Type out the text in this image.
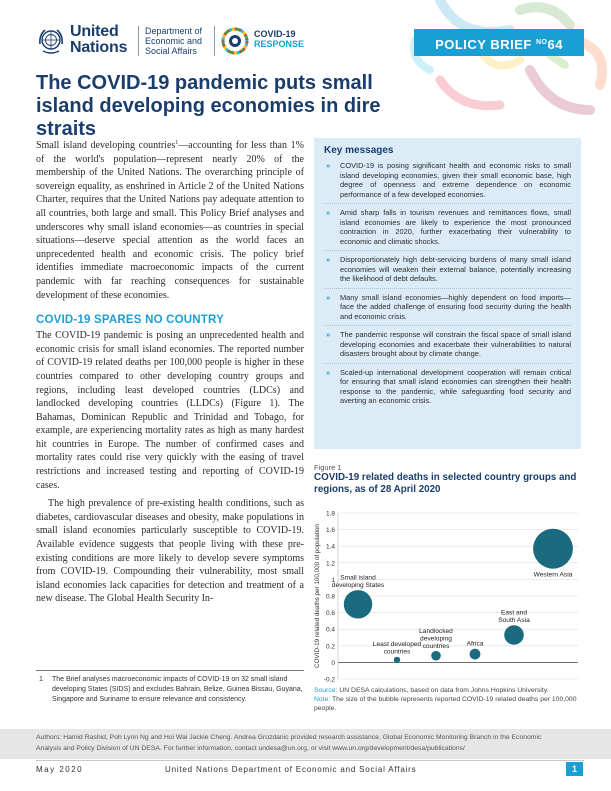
United
Nations
Department of
Economic and
Social Affairs
COVID-19
RESPONSE	POLICY BRIEF $^{NO}$64
The COVID-19 pandemic puts small island developing economies in dire straits

Small island developing countries$^1$—accounting for less than 1% of the world's population—represent nearly 20% of the membership of the United Nations. The overarching principle of sovereign equality, as enshrined in Article 2 of the United Nations Charter, requires that the United Nations pay adequate attention to all countries, both large and small. This Policy Brief analyses and underscores why small island economies—as countries in special situations—deserve special attention as the world faces an unprecedented health and economic crisis. The policy brief identifies immediate macroeconomic impacts of the current pandemic with far reaching consequences for sustainable development of these economies.

COVID-19 SPARES NO COUNTRY

The COVID-19 pandemic is posing an unprecedented health and economic crisis for small island economies. The reported number of COVID-19 related deaths per 100,000 people is higher in these countries compared to other developing country groups and regions, including least developed countries (LDCs) and landlocked developing countries (LLDCs) (Figure 1). The Bahamas, Dominican Republic and Trinidad and Tobago, for example, are experiencing mortality rates as high as many hardest hit countries in Europe. The number of confirmed cases and mortality rates could rise very quickly with the easing of travel restrictions and increased testing and reporting of COVID-19 cases.

The high prevalence of pre-existing health conditions, such as diabetes, cardiovascular diseases and obesity, make populations in small island economies particularly susceptible to COVID-19. Available evidence suggests that people living with these pre-existing conditions are more likely to develop severe symptoms from COVID-19. Compounding their vulnerability, most small island economies lack capacities for detection and treatment of a new disease. The Global Health Security In-

1	The Brief analyses macroeconomic impacts of COVID-19 on 32 small island developing States (SIDS) and excludes Bahrain, Belize, Guinea Bissau, Guyana, Singapore and Suriname to ensure relevance and consistency.
Key messages
» COVID-19 is posing significant health and economic risks to small island developing economies, given their small economic base, high degree of openness and extreme dependence on economic performance of a few developed economies.
» Amid sharp falls in tourism revenues and remittances flows, small island economies are likely to experience the most pronounced contraction in 2020, further exacerbating their vulnerability to economic and climatic shocks.
» Disproportionately high debt-servicing burdens of many small island economies will weaken their external balance, potentially increasing the likelihood of debt defaults.
» Many small island economies—highly dependent on food imports—face the added challenge of ensuring food security during the health and economic crisis.
» The pandemic response will constrain the fiscal space of small island developing economies and exacerbate their vulnerabilities to natural disasters brought about by climate change.
» Scaled-up international development cooperation will remain critical for ensuring that small island economies can strengthen their health response to the pandemic, while safeguarding food security and averting an economic crisis.
Figure 1
COVID-19 related deaths in selected country groups and regions, as of 28 April 2020
-0.2
0
0.2
0.4
0.6
0.8
1
1.2
1.4
1.6
1.8
COVID-19 related deaths per 100,000 of population	Small island
developing States
Least developed
countries
Landlocked
developing
countries	Africa
East and
South Asia
Western Asia
Source: UN DESA calculations, based on data from Johns Hopkins University.
Note: The size of the bubble represents reported COVID-19 related deaths per 100,000 people.
Authors: Hamid Rashid, Poh Lynn Ng and Hoi Wai Jackie Cheng. Andrea Grozdanic provided research assistance. Global Economic Monitoring Branch in the Economic
Analysis and Policy Division of UN DESA. For further information, contact undesa@un.org, or visit www.un.org/development/desa/publications/
May 2020	United Nations Department of Economic and Social Affairs	1
